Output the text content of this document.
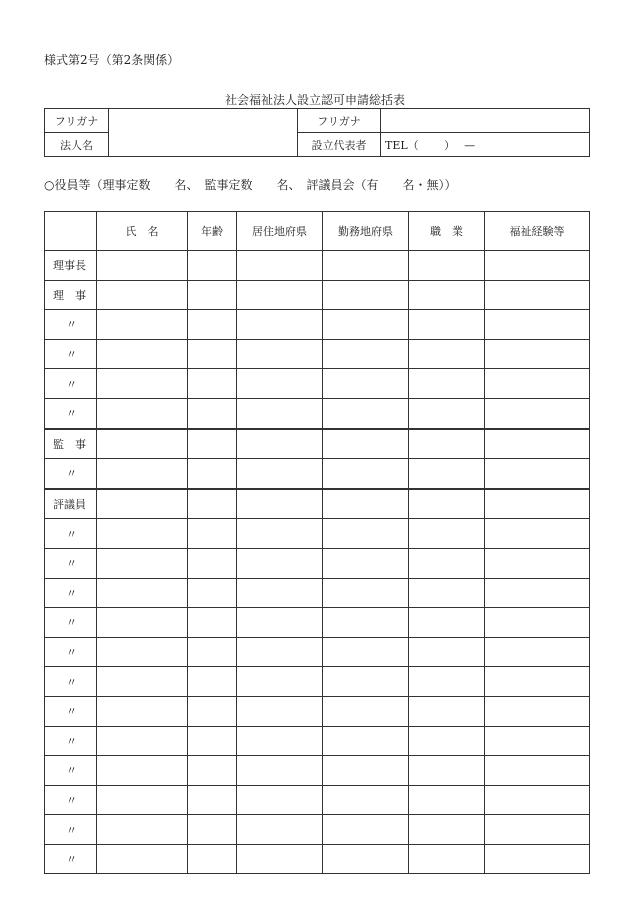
様式第2号（第2条関係）
社会福祉法人設立認可申請総括表
フリガナ		フリガナ	
法人名		設立代表者	TEL（　　 ）　 —
○役員等（理事定数　　名、　監事定数　　名、　評議員会（有　　名・無））
	氏　名	年齢	居住地府県	勤務地府県	職　業	福祉経験等
理事長						
理　事						
〃						
〃						
〃						
〃						
監　事						
〃						
評議員						
〃						
〃						
〃						
〃						
〃						
〃						
〃						
〃						
〃						
〃						
〃						
〃						
